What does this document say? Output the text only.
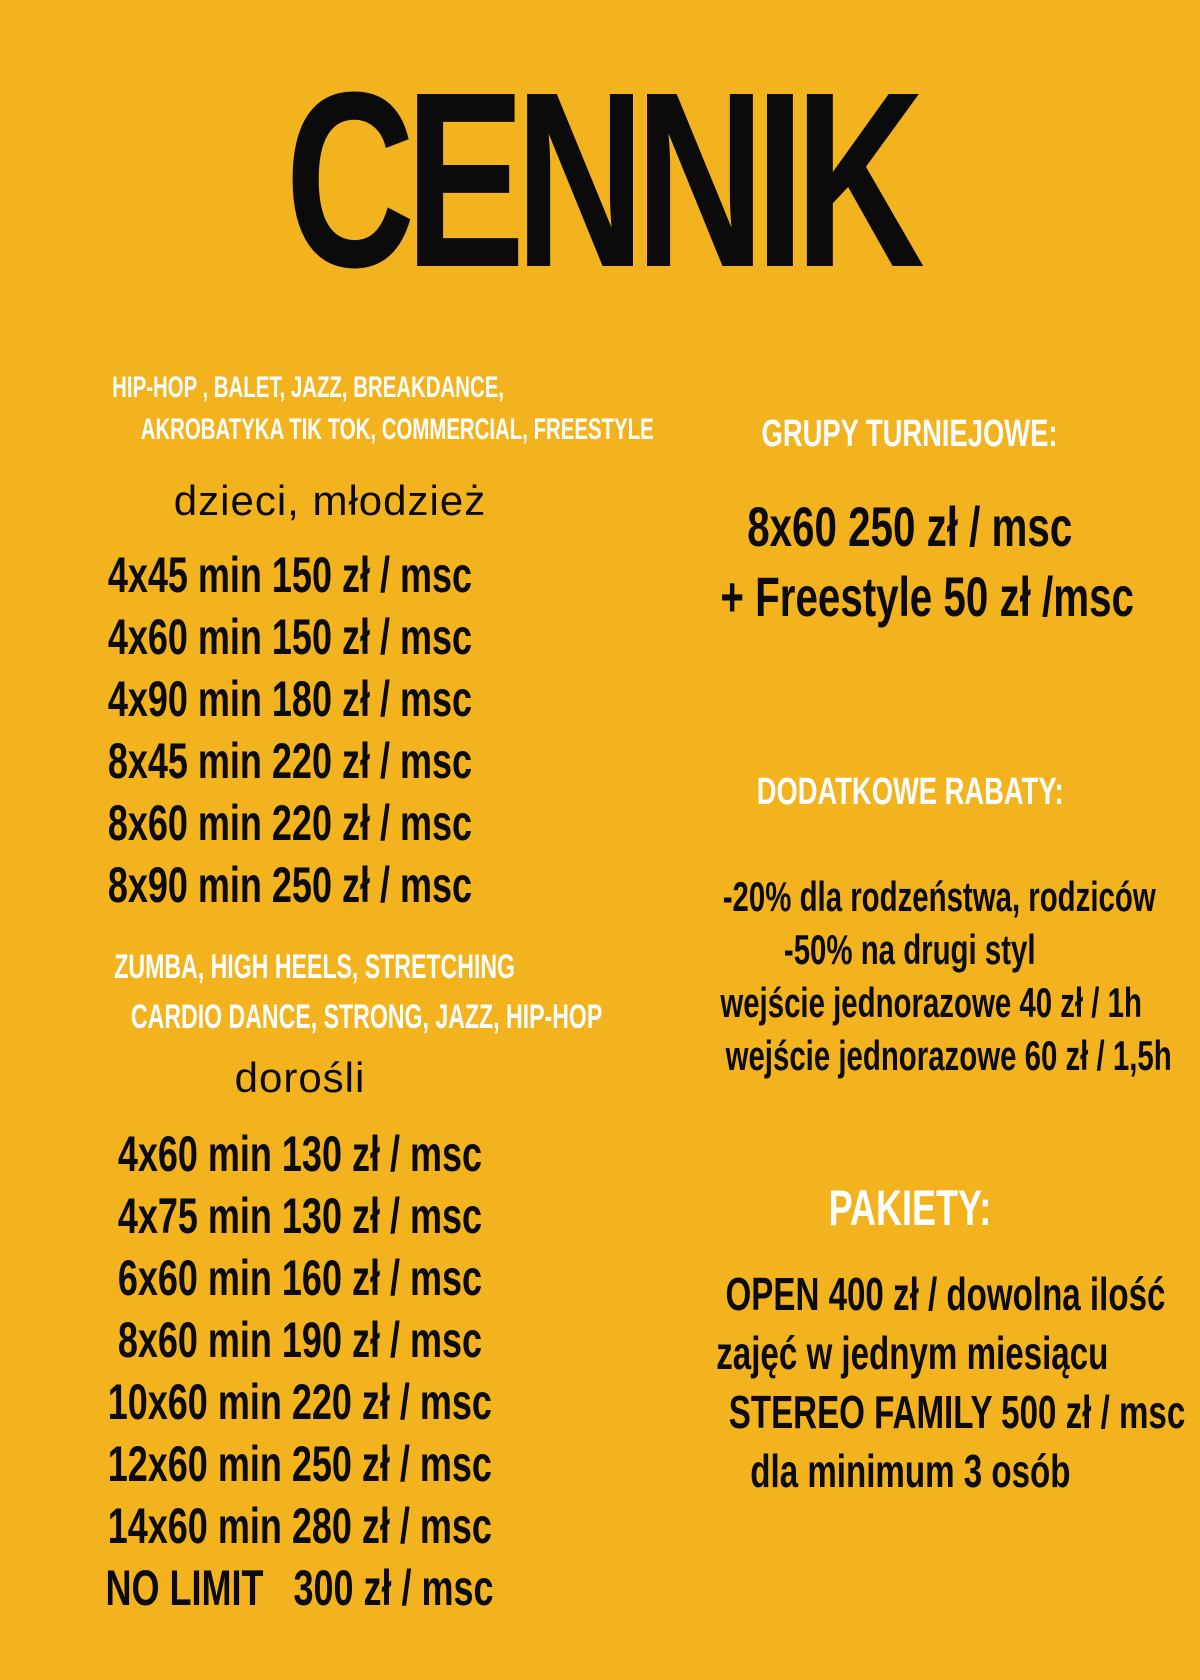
CENNIK
HIP-HOP , BALET, JAZZ, BREAKDANCE,
AKROBATYKA TIK TOK, COMMERCIAL, FREESTYLE
dzieci, młodzież
4x45 min 150 zł / msc
4x60 min 150 zł / msc
4x90 min 180 zł / msc
8x45 min 220 zł / msc
8x60 min 220 zł / msc
8x90 min 250 zł / msc
ZUMBA, HIGH HEELS, STRETCHING
CARDIO DANCE, STRONG, JAZZ, HIP-HOP
dorośli
4x60 min 130 zł / msc
4x75 min 130 zł / msc
6x60 min 160 zł / msc
8x60 min 190 zł / msc
10x60 min 220 zł / msc
12x60 min 250 zł / msc
14x60 min 280 zł / msc
NO LIMIT   300 zł / msc
GRUPY TURNIEJOWE:
8x60 250 zł / msc
+ Freestyle 50 zł /msc
DODATKOWE RABATY:
-20% dla rodzeństwa, rodziców
-50% na drugi styl
wejście jednorazowe 40 zł / 1h
wejście jednorazowe 60 zł / 1,5h
PAKIETY:
OPEN 400 zł / dowolna ilość
zajęć w jednym miesiącu
STEREO FAMILY 500 zł / msc
dla minimum 3 osób
